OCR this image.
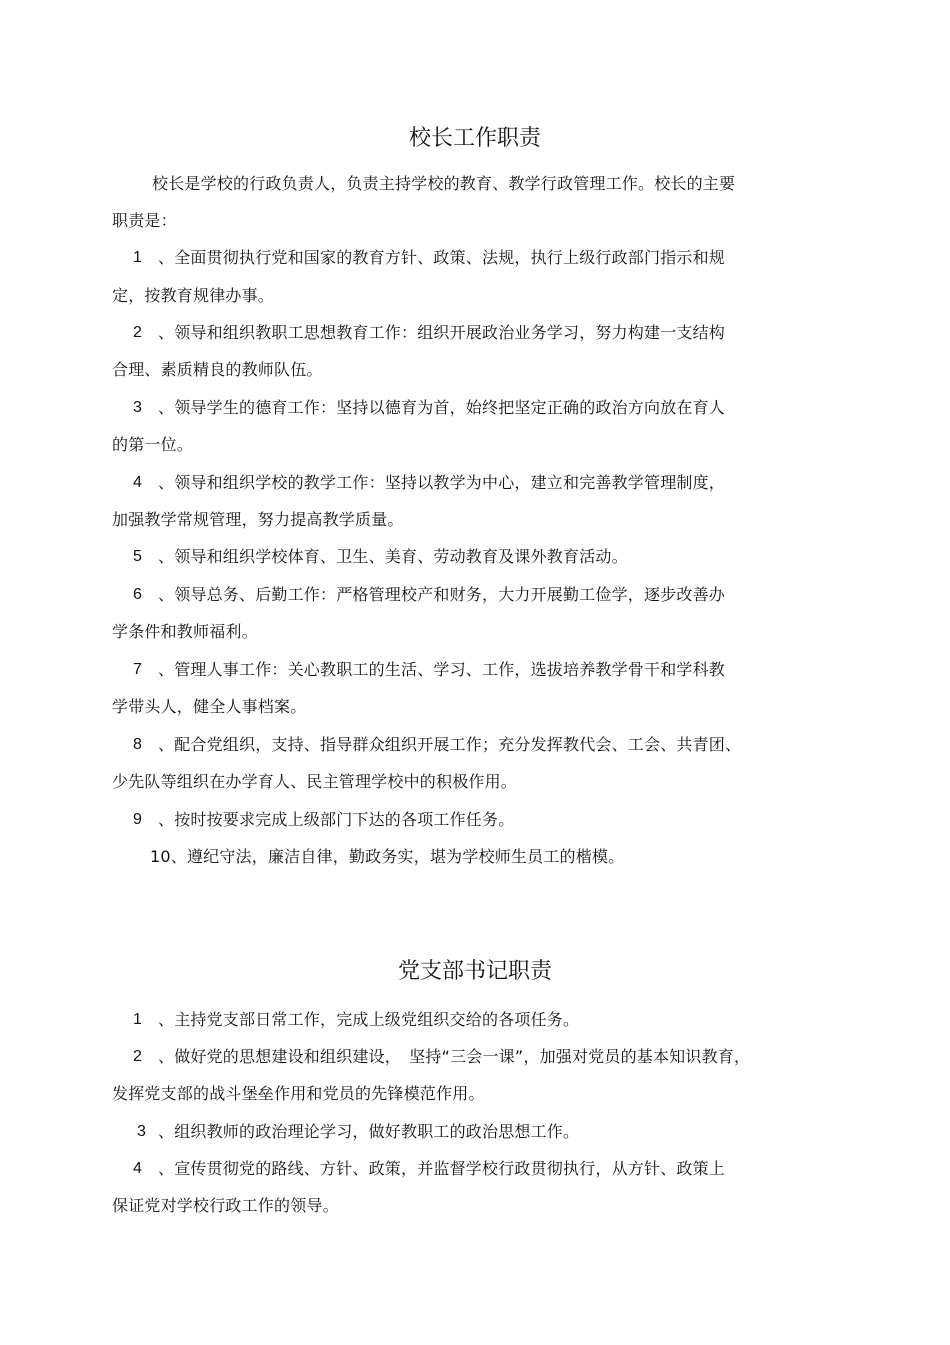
校长工作职责
校长是学校的行政负责人，负责主持学校的教育、教学行政管理工作。校长的主要
职责是：
1 、全面贯彻执行党和国家的教育方针、政策、法规，执行上级行政部门指示和规
定，按教育规律办事。
2 、领导和组织教职工思想教育工作：组织开展政治业务学习，努力构建一支结构
合理、素质精良的教师队伍。
3 、领导学生的德育工作：坚持以德育为首，始终把坚定正确的政治方向放在育人
的第一位。
4 、领导和组织学校的教学工作：坚持以教学为中心，建立和完善教学管理制度，
加强教学常规管理，努力提高教学质量。
5 、领导和组织学校体育、卫生、美育、劳动教育及课外教育活动。
6 、领导总务、后勤工作：严格管理校产和财务，大力开展勤工俭学，逐步改善办
学条件和教师福利。
7 、管理人事工作：关心教职工的生活、学习、工作，选拔培养教学骨干和学科教
学带头人，健全人事档案。
8 、配合党组织，支持、指导群众组织开展工作；充分发挥教代会、工会、共青团、
少先队等组织在办学育人、民主管理学校中的积极作用。
9 、按时按要求完成上级部门下达的各项工作任务。
10、遵纪守法，廉洁自律，勤政务实，堪为学校师生员工的楷模。
党支部书记职责
1 、主持党支部日常工作，完成上级党组织交给的各项任务。
2 、做好党的思想建设和组织建设，　坚持“三会一课”，加强对党员的基本知识教育，
发挥党支部的战斗堡垒作用和党员的先锋模范作用。
3 、组织教师的政治理论学习，做好教职工的政治思想工作。
4 、宣传贯彻党的路线、方针、政策，并监督学校行政贯彻执行，从方针、政策上
保证党对学校行政工作的领导。
